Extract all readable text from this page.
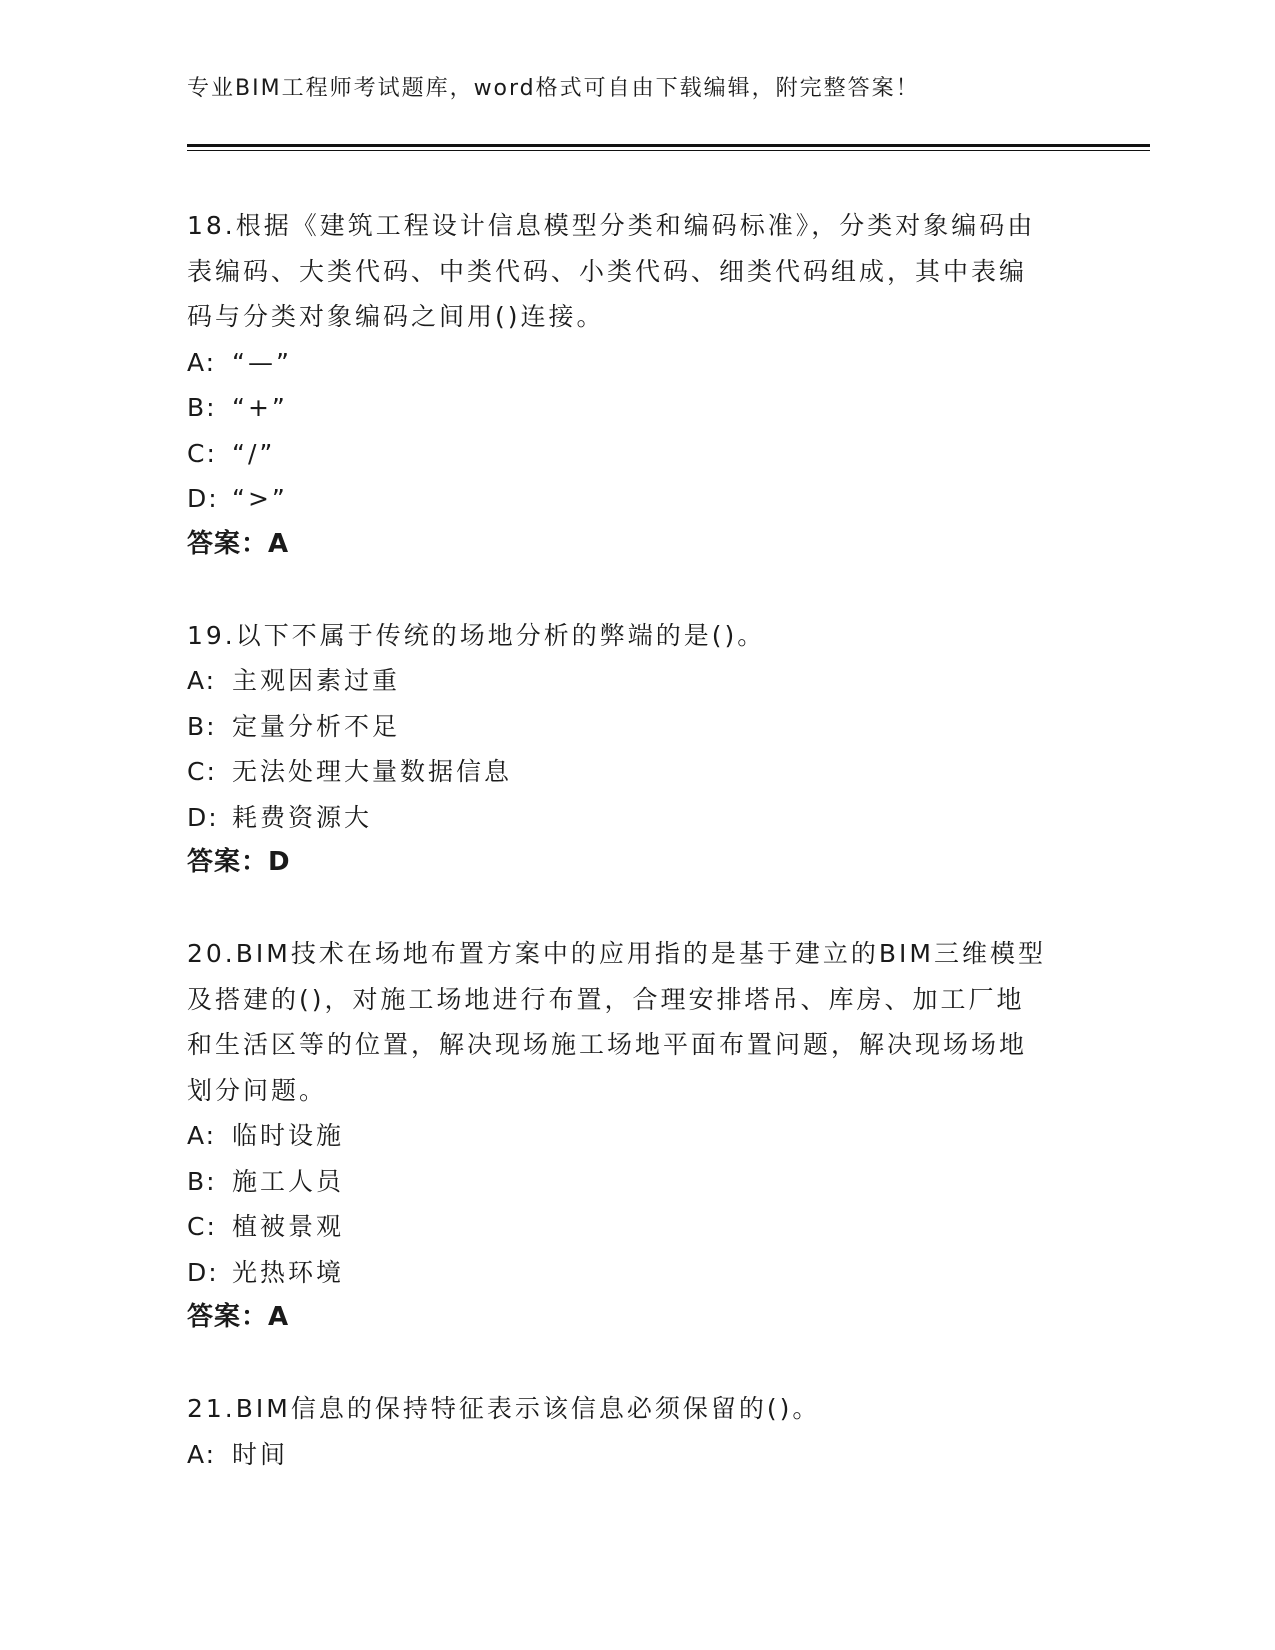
专业BIM工程师考试题库，word格式可自由下载编辑，附完整答案！
18.根据《建筑工程设计信息模型分类和编码标准》，分类对象编码由
表编码、大类代码、中类代码、小类代码、细类代码组成，其中表编
码与分类对象编码之间用()连接。
A: “—”
B: “+”
C: “/”
D: “>”
答案：A
19.以下不属于传统的场地分析的弊端的是()。
A: 主观因素过重
B: 定量分析不足
C: 无法处理大量数据信息
D: 耗费资源大
答案：D
20.BIM技术在场地布置方案中的应用指的是基于建立的BIM三维模型
及搭建的()，对施工场地进行布置，合理安排塔吊、库房、加工厂地
和生活区等的位置，解决现场施工场地平面布置问题，解决现场场地
划分问题。
A: 临时设施
B: 施工人员
C: 植被景观
D: 光热环境
答案：A
21.BIM信息的保持特征表示该信息必须保留的()。
A: 时间
